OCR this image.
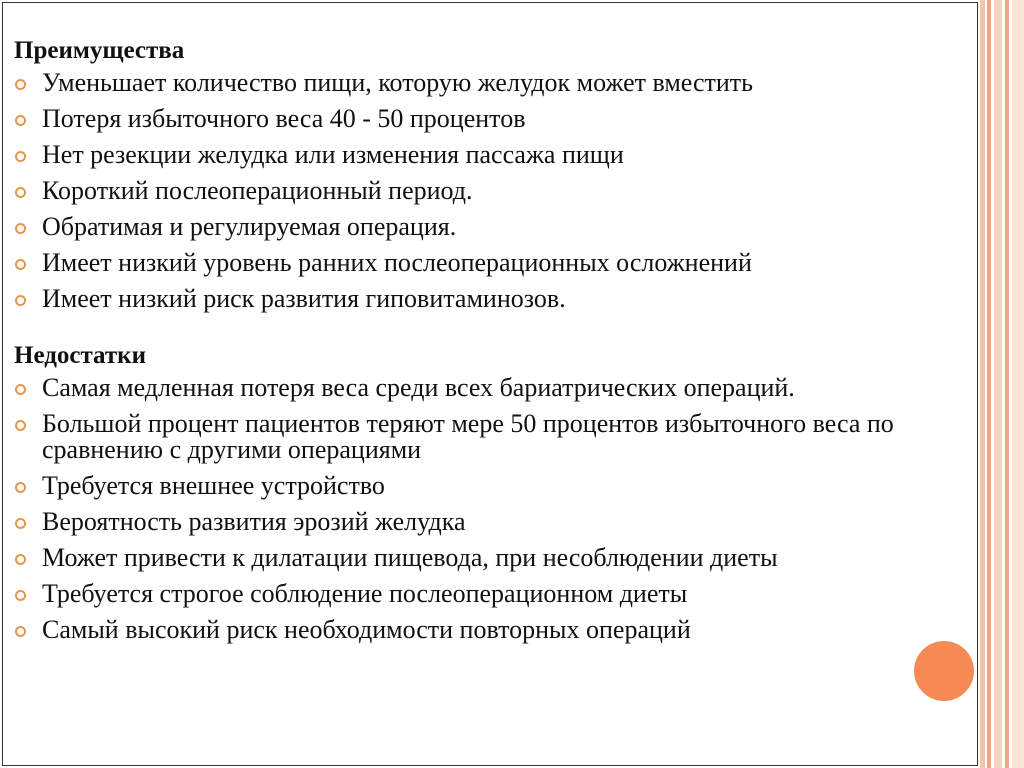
Преимущества
Уменьшает количество пищи, которую желудок может вместить
Потеря избыточного веса 40 - 50 процентов
Нет резекции желудка или изменения пассажа пищи
Короткий послеоперационный период.
Обратимая и регулируемая операция.
Имеет низкий уровень ранних послеоперационных осложнений
Имеет низкий риск развития гиповитаминозов.
Недостатки
Самая медленная потеря веса среди всех бариатрических операций.
Большой процент пациентов теряют мере 50 процентов избыточного веса по сравнению с другими операциями
Требуется внешнее устройство
Вероятность развития эрозий желудка
Может привести к дилатации пищевода, при несоблюдении диеты
Требуется строгое соблюдение послеоперационном диеты
Самый высокий риск необходимости повторных операций
